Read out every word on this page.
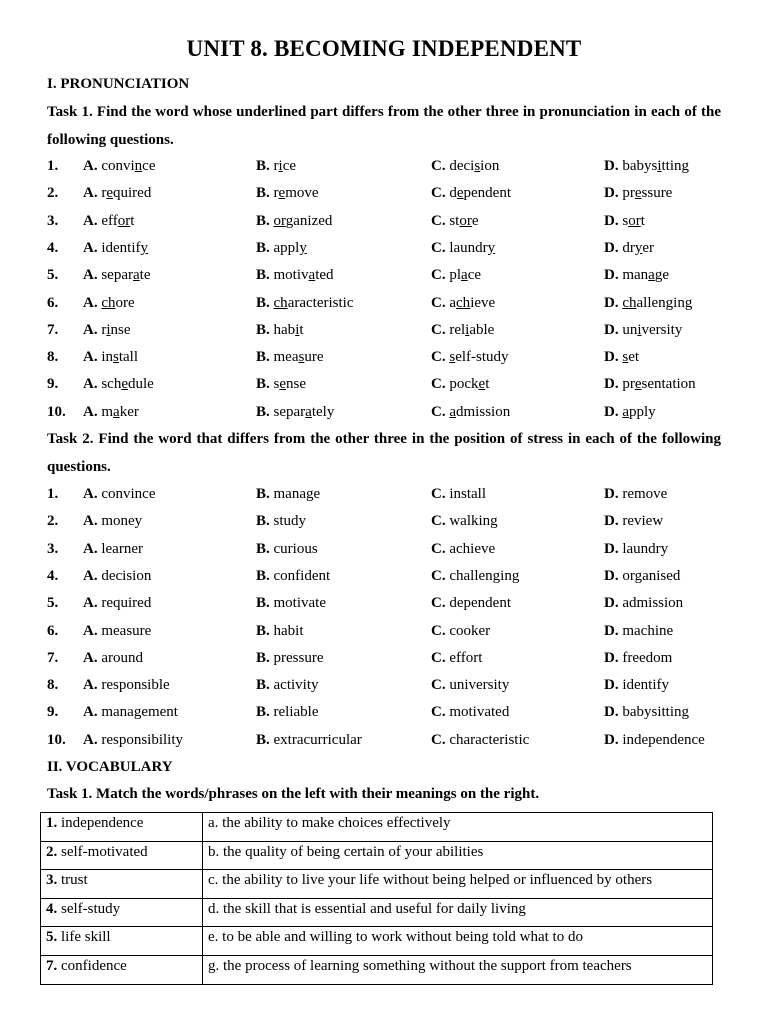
UNIT 8. BECOMING INDEPENDENT
I. PRONUNCIATION
Task 1. Find the word whose underlined part differs from the other three in pronunciation in each of the following questions.
1. A. convince	B. rice	C. decision	D. babysitting
2. A. required	B. remove	C. dependent	D. pressure
3. A. effort	B. organized	C. store	D. sort
4. A. identify	B. apply	C. laundry	D. dryer
5. A. separate	B. motivated	C. place	D. manage
6. A. chore	B. characteristic	C. achieve	D. challenging
7. A. rinse	B. habit	C. reliable	D. university
8. A. install	B. measure	C. self-study	D. set
9. A. schedule	B. sense	C. pocket	D. presentation
10. A. maker	B. separately	C. admission	D. apply
Task 2. Find the word that differs from the other three in the position of stress in each of the following questions.
1. A. convince	B. manage	C. install	D. remove
2. A. money	B. study	C. walking	D. review
3. A. learner	B. curious	C. achieve	D. laundry
4. A. decision	B. confident	C. challenging	D. organised
5. A. required	B. motivate	C. dependent	D. admission
6. A. measure	B. habit	C. cooker	D. machine
7. A. around	B. pressure	C. effort	D. freedom
8. A. responsible	B. activity	C. university	D. identify
9. A. management	B. reliable	C. motivated	D. babysitting
10. A. responsibility	B. extracurricular	C. characteristic	D. independence
II. VOCABULARY
Task 1. Match the words/phrases on the left with their meanings on the right.
1. independence	a. the ability to make choices effectively
2. self-motivated	b. the quality of being certain of your abilities
3. trust	c. the ability to live your life without being helped or influenced by others
4. self-study	d. the skill that is essential and useful for daily living
5. life skill	e. to be able and willing to work without being told what to do
7. confidence	g. the process of learning something without the support from teachers
